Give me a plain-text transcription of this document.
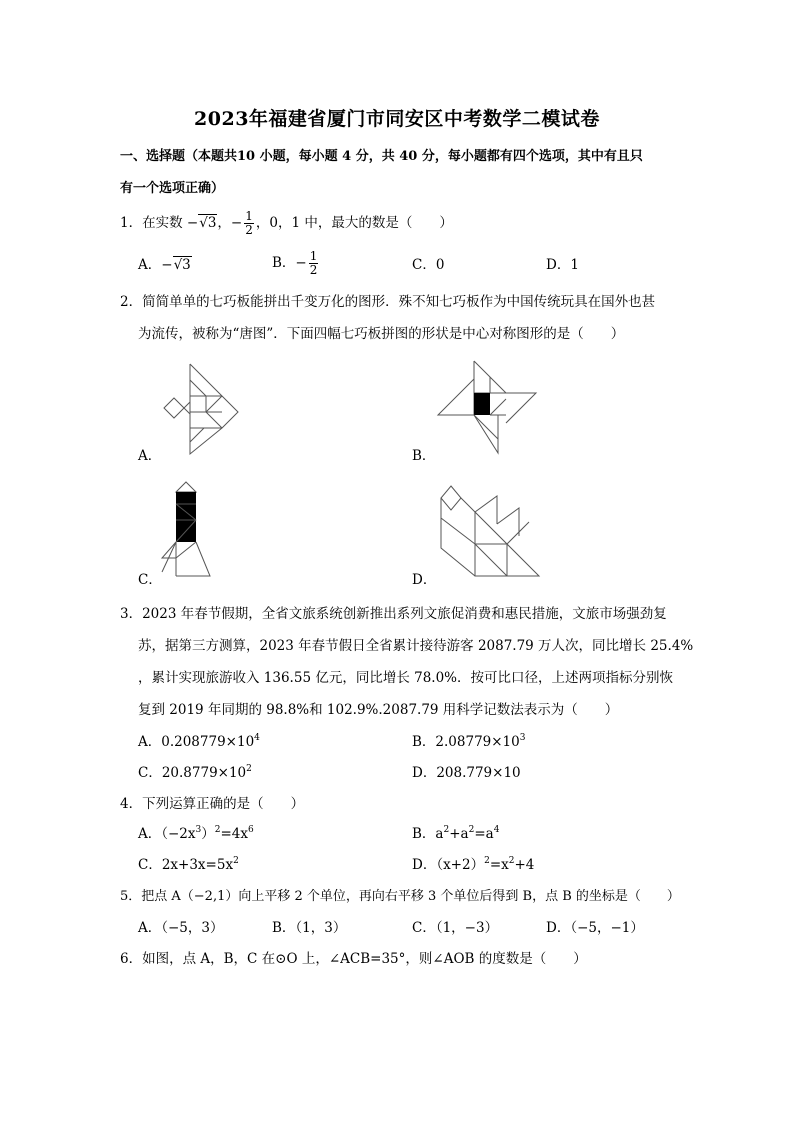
2023年福建省厦门市同安区中考数学二模试卷
一、选择题（本题共10 小题，每小题 4 分，共 40 分，每小题都有四个选项，其中有且只
有一个选项正确）
1．在实数 −√3，− $\frac{1}{2}$ ，0，1 中，最大的数是（　　）
A．−√3	B．− $\frac{1}{2}$	C．0	D．1
2．简简单单的七巧板能拼出千变万化的图形．殊不知七巧板作为中国传统玩具在国外也甚
为流传，被称为“唐图”．下面四幅七巧板拼图的形状是中心对称图形的是（　　）
A．	B．
C．	D．
3．2023 年春节假期，全省文旅系统创新推出系列文旅促消费和惠民措施，文旅市场强劲复
苏，据第三方测算，2023 年春节假日全省累计接待游客 2087.79 万人次，同比增长 25.4%
，累计实现旅游收入 136.55 亿元，同比增长 78.0%．按可比口径，上述两项指标分别恢
复到 2019 年同期的 98.8%和 102.9%.2087.79 用科学记数法表示为（　　）
A．$0.208779\times 10^4$	B．$2.08779\times 10^3$
C．$20.8779\times 10^2$	D．208.779×10
4．下列运算正确的是（　　）
A．$(-2x^3)^2=4x^6$	B．$a^2+a^2=a^4$
C．$2x+3x=5x^2$	D．$(x+2)^2=x^2+4$
5．把点 A（−2,1）向上平移 2 个单位，再向右平移 3 个单位后得到 B，点 B 的坐标是（　　）
A．（−5，3）	B．（1，3）	C．（1，−3）	D．（−5，−1）
6．如图，点 A，B，C 在⊙O 上，∠ACB=35°，则∠AOB 的度数是（　　）
